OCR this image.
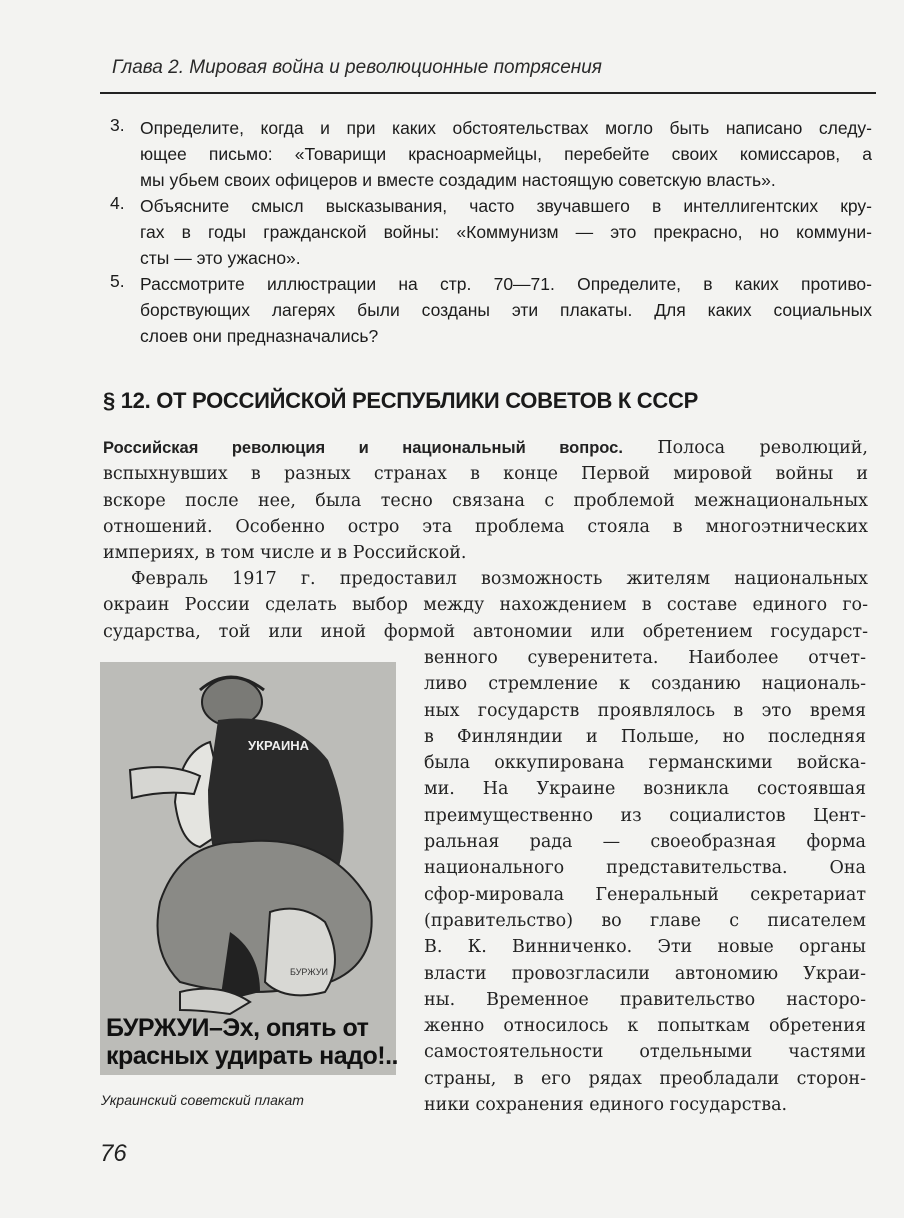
Глава 2. Мировая война и революционные потрясения
3. Определите, когда и при каких обстоятельствах могло быть написано следу-
ющее письмо: «Товарищи красноармейцы, перебейте своих комиссаров, а
мы убьем своих офицеров и вместе создадим настоящую советскую власть».
4. Объясните смысл высказывания, часто звучавшего в интеллигентских кру-
гах в годы гражданской войны: «Коммунизм — это прекрасно, но коммуни-
сты — это ужасно».
5. Рассмотрите иллюстрации на стр. 70—71. Определите, в каких противо-
борствующих лагерях были созданы эти плакаты. Для каких социальных
слоев они предназначались?
§ 12. ОТ РОССИЙСКОЙ РЕСПУБЛИКИ СОВЕТОВ К СССР
Российская революция и национальный вопрос. Полоса революций,
вспыхнувших в разных странах в конце Первой мировой войны и
вскоре после нее, была тесно связана с проблемой межнациональных
отношений. Особенно остро эта проблема стояла в многоэтнических
империях, в том числе и в Российской.
Февраль 1917 г. предоставил возможность жителям национальных
окраин России сделать выбор между нахождением в составе единого го-
сударства, той или иной формой автономии или обретением государст-
венного суверенитета. Наиболее отчет-
ливо стремление к созданию националь-
ных государств проявлялось в это время
в Финляндии и Польше, но последняя
была оккупирована германскими войска-
ми. На Украине возникла состоявшая
преимущественно из социалистов Цент-
ральная рада — своеобразная форма
национального представительства. Она
сфор-мировала Генеральный секретариат
(правительство) во главе с писателем
В. К. Винниченко. Эти новые органы
власти провозгласили автономию Украи-
ны. Временное правительство насторо-
женно относилось к попыткам обретения
самостоятельности отдельными частями
страны, в его рядах преобладали сторон-
ники сохранения единого государства.
УКРАИНА
БУРЖУИ
БУРЖУИ–Эх, опять от
красных удирать надо!..
Украинский советский плакат
76
